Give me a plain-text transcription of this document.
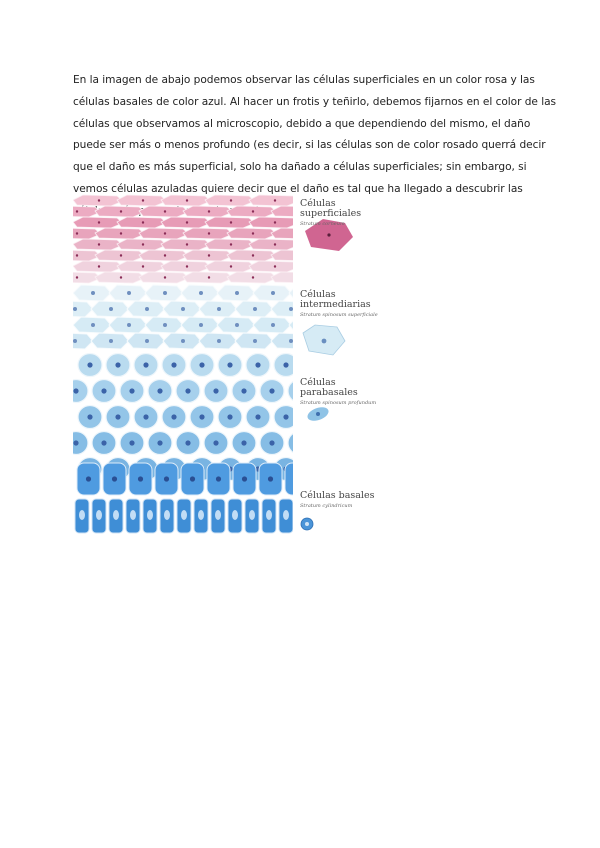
En la imagen de abajo podemos observar las células superficiales en un color rosa y las
células basales de color azul. Al hacer un frotis y teñirlo, debemos fijarnos en el color de las
células que observamos al microscopio, debido a que dependiendo del mismo, el daño
puede ser más o menos profundo (es decir, si las células son de color rosado querrá decir
que el daño es más superficial, solo ha dañado a células superficiales; sin embargo, si
vemos células azuladas quiere decir que el daño es tal que ha llegado a descubrir las
Células superficiales
Stratum corneum
Células
intermediarias
Stratum spinosum superficiale
Células parabasales
Stratum spinosum profundum
Células basales
Stratum cylindricum
